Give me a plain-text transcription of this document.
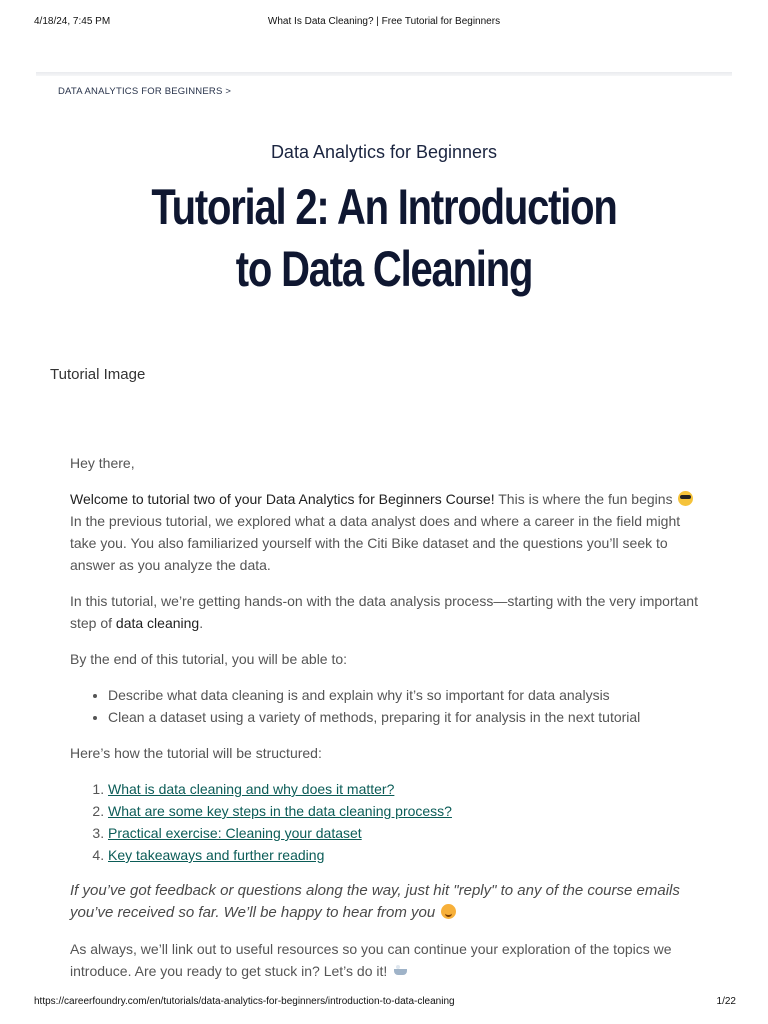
4/18/24, 7:45 PM	What Is Data Cleaning? | Free Tutorial for Beginners
DATA ANALYTICS FOR BEGINNERS >
Data Analytics for Beginners
Tutorial 2: An Introduction to Data Cleaning
Tutorial Image

Hey there,

Welcome to tutorial two of your Data Analytics for Beginners Course! This is where the fun begins  In the previous tutorial, we explored what a data analyst does and where a career in the field might take you. You also familiarized yourself with the Citi Bike dataset and the questions you’ll seek to answer as you analyze the data.

In this tutorial, we’re getting hands-on with the data analysis process—starting with the very important step of data cleaning.

By the end of this tutorial, you will be able to:

• Describe what data cleaning is and explain why it’s so important for data analysis
• Clean a dataset using a variety of methods, preparing it for analysis in the next tutorial

Here’s how the tutorial will be structured:

1. What is data cleaning and why does it matter?
2. What are some key steps in the data cleaning process?
3. Practical exercise: Cleaning your dataset
4. Key takeaways and further reading

If you’ve got feedback or questions along the way, just hit "reply" to any of the course emails you’ve received so far. We’ll be happy to hear from you

As always, we’ll link out to useful resources so you can continue your exploration of the topics we introduce. Are you ready to get stuck in? Let’s do it!

https://careerfoundry.com/en/tutorials/data-analytics-for-beginners/introduction-to-data-cleaning	1/22
